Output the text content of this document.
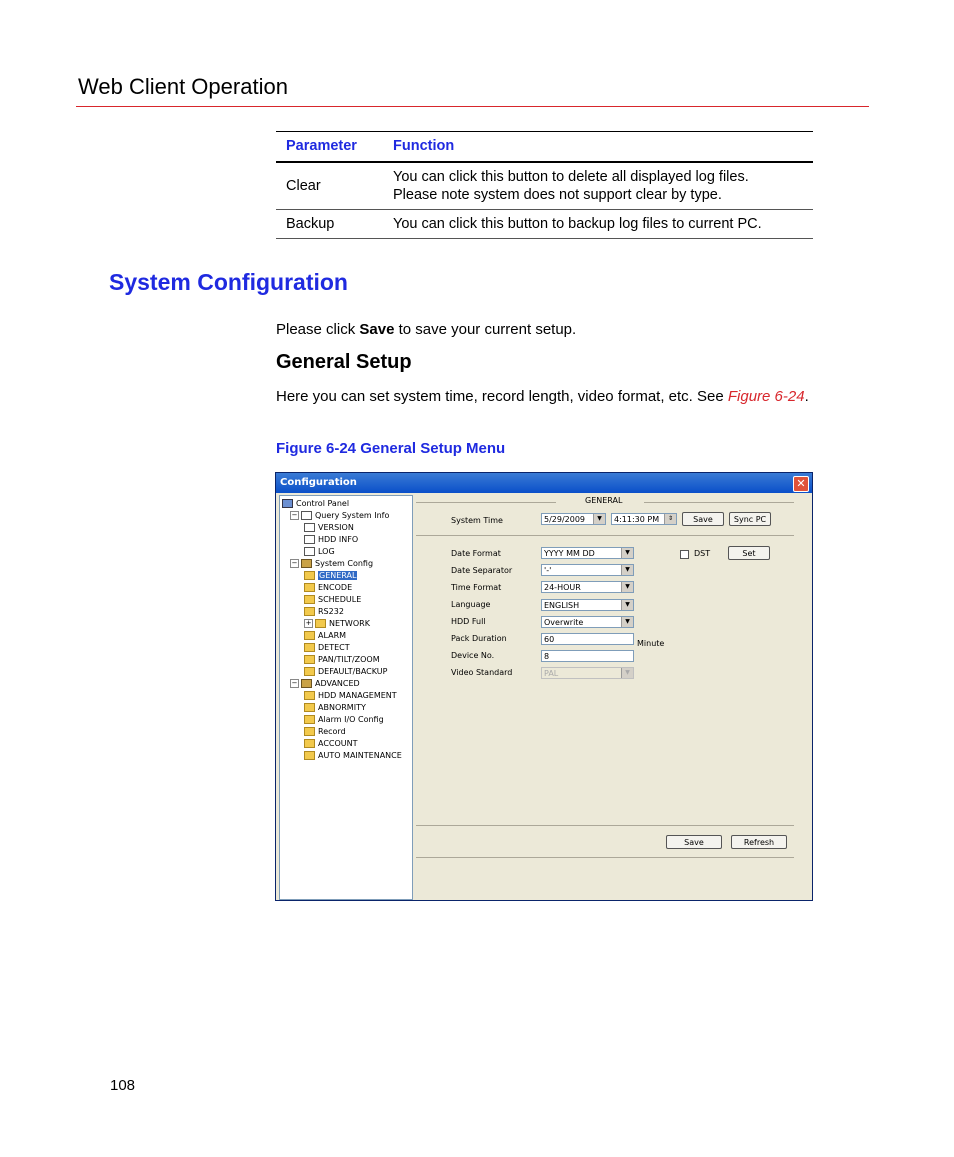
Web Client Operation
Parameter	Function
Clear	You can click this button to delete all displayed log files.
Please note system does not support clear by type.

Backup	You can click this button to backup log files to current PC.
System Configuration
Please click Save to save your current setup.
General Setup
Here you can set system time, record length, video format, etc. See Figure 6-24.
Figure 6-24 General Setup Menu
Configuration	✕
Control Panel
− Query System Info
VERSION
HDD INFO
LOG
− System Config
GENERAL
ENCODE
SCHEDULE
RS232
+ NETWORK
ALARM
DETECT
PAN/TILT/ZOOM
DEFAULT/BACKUP
− ADVANCED
HDD MANAGEMENT
ABNORMITY
Alarm I/O Config
Record
ACCOUNT
AUTO MAINTENANCE
GENERAL
System Time	5/29/2009	▼	4:11:30 PM	⇕	Save	Sync PC
Date Format	YYYY MM DD	▼	DST	Set
Date Separator	'-'	▼
Time Format	24-HOUR	▼
Language	ENGLISH	▼
HDD Full	Overwrite	▼
Pack Duration	60	Minute
Device No.	8
Video Standard	PAL	▼
Save	Refresh
108
